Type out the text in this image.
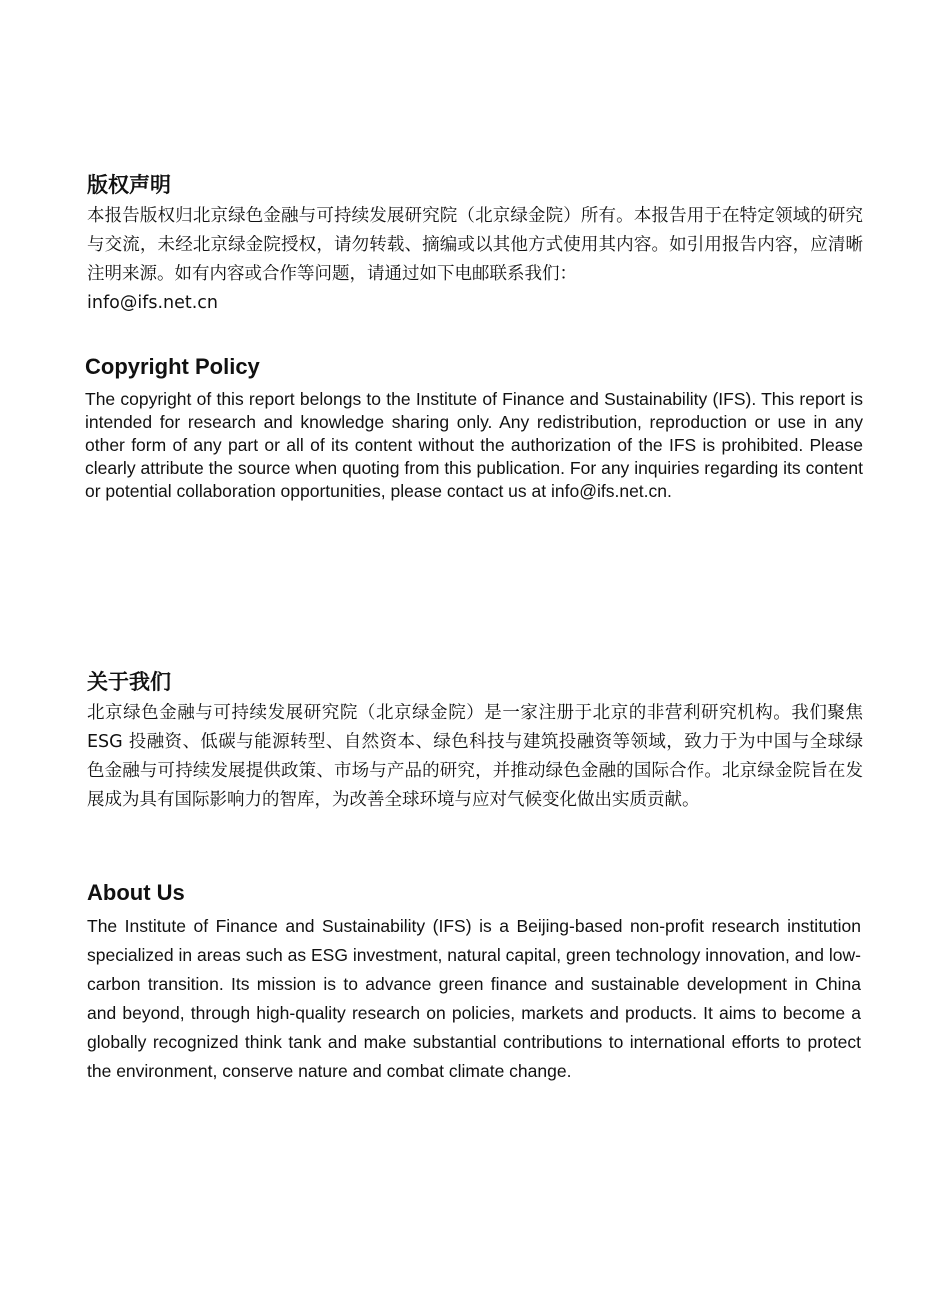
版权声明

本报告版权归北京绿色金融与可持续发展研究院（北京绿金院）所有。本报告用于在特定领域的研究与交流，未经北京绿金院授权，请勿转载、摘编或以其他方式使用其内容。如引用报告内容，应清晰注明来源。如有内容或合作等问题，请通过如下电邮联系我们：
info@ifs.net.cn

Copyright Policy

The copyright of this report belongs to the Institute of Finance and Sustainability (IFS). This report is intended for research and knowledge sharing only. Any redistribution, reproduction or use in any other form of any part or all of its content without the authorization of the IFS is prohibited. Please clearly attribute the source when quoting from this publication. For any inquiries regarding its content or potential collaboration opportunities, please contact us at info@ifs.net.cn.

关于我们

北京绿色金融与可持续发展研究院（北京绿金院）是一家注册于北京的非营利研究机构。我们聚焦 ESG 投融资、低碳与能源转型、自然资本、绿色科技与建筑投融资等领域，致力于为中国与全球绿色金融与可持续发展提供政策、市场与产品的研究，并推动绿色金融的国际合作。北京绿金院旨在发展成为具有国际影响力的智库，为改善全球环境与应对气候变化做出实质贡献。

About Us

The Institute of Finance and Sustainability (IFS) is a Beijing-based non-profit research institution specialized in areas such as ESG investment, natural capital, green technology innovation, and low-carbon transition. Its mission is to advance green finance and sustainable development in China and beyond, through high-quality research on policies, markets and products. It aims to become a globally recognized think tank and make substantial contributions to international efforts to protect the environment, conserve nature and combat climate change.
